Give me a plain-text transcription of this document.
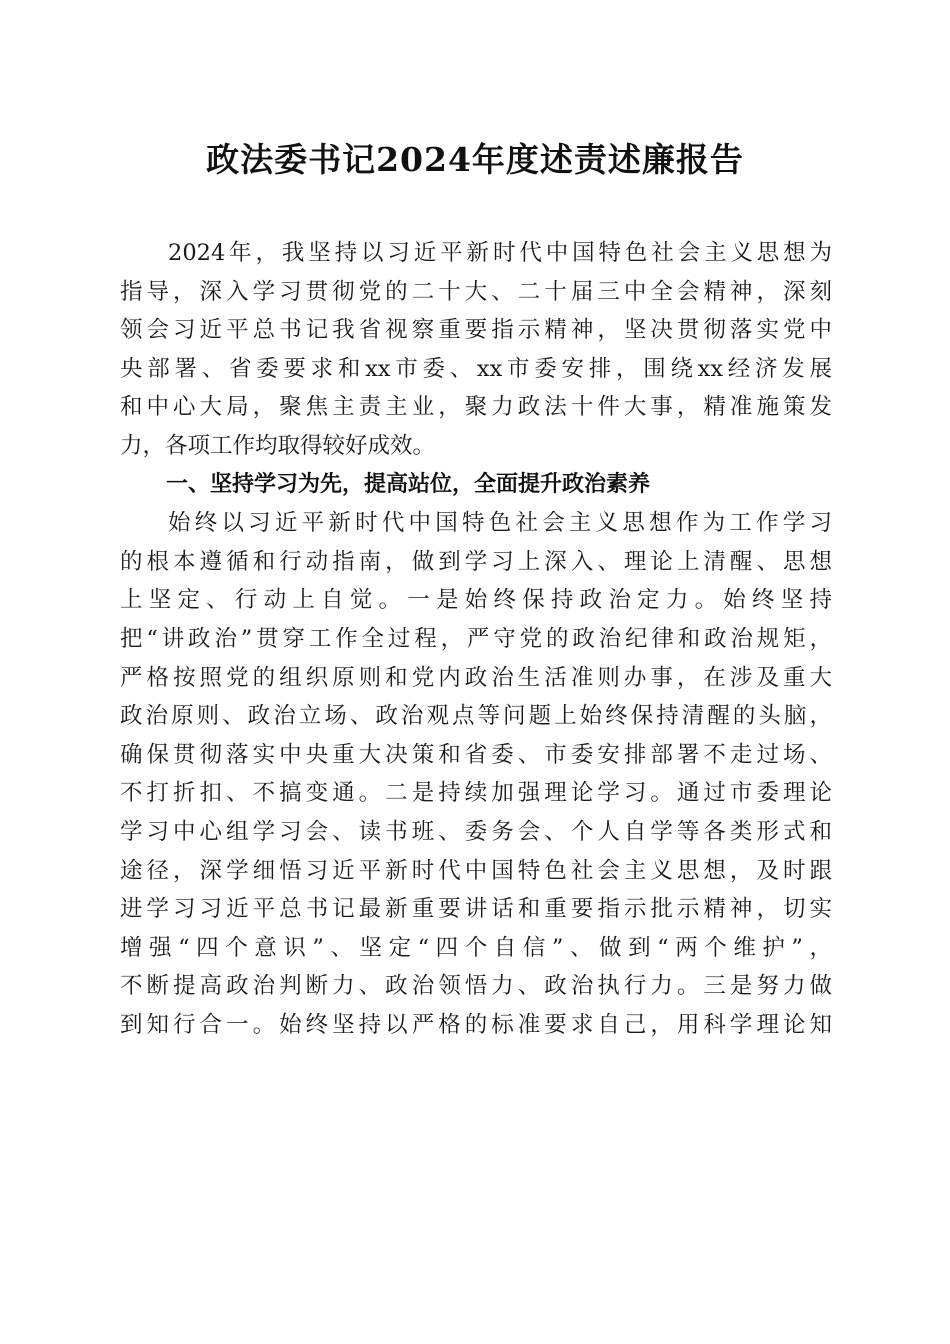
政法委书记2024年度述责述廉报告
2024年，我坚持以习近平新时代中国特色社会主义思想为
指导，深入学习贯彻党的二十大、二十届三中全会精神，深刻
领会习近平总书记我省视察重要指示精神，坚决贯彻落实党中
央部署、省委要求和xx市委、xx市委安排，围绕xx经济发展
和中心大局，聚焦主责主业，聚力政法十件大事，精准施策发
力，各项工作均取得较好成效。
一、坚持学习为先，提高站位，全面提升政治素养
始终以习近平新时代中国特色社会主义思想作为工作学习
的根本遵循和行动指南，做到学习上深入、理论上清醒、思想
上坚定、行动上自觉。一是始终保持政治定力。始终坚持
把“讲政治”贯穿工作全过程，严守党的政治纪律和政治规矩，
严格按照党的组织原则和党内政治生活准则办事，在涉及重大
政治原则、政治立场、政治观点等问题上始终保持清醒的头脑，
确保贯彻落实中央重大决策和省委、市委安排部署不走过场、
不打折扣、不搞变通。二是持续加强理论学习。通过市委理论
学习中心组学习会、读书班、委务会、个人自学等各类形式和
途径，深学细悟习近平新时代中国特色社会主义思想，及时跟
进学习习近平总书记最新重要讲话和重要指示批示精神，切实
增强“四个意识”、坚定“四个自信”、做到“两个维护”，
不断提高政治判断力、政治领悟力、政治执行力。三是努力做
到知行合一。始终坚持以严格的标准要求自己，用科学理论知
